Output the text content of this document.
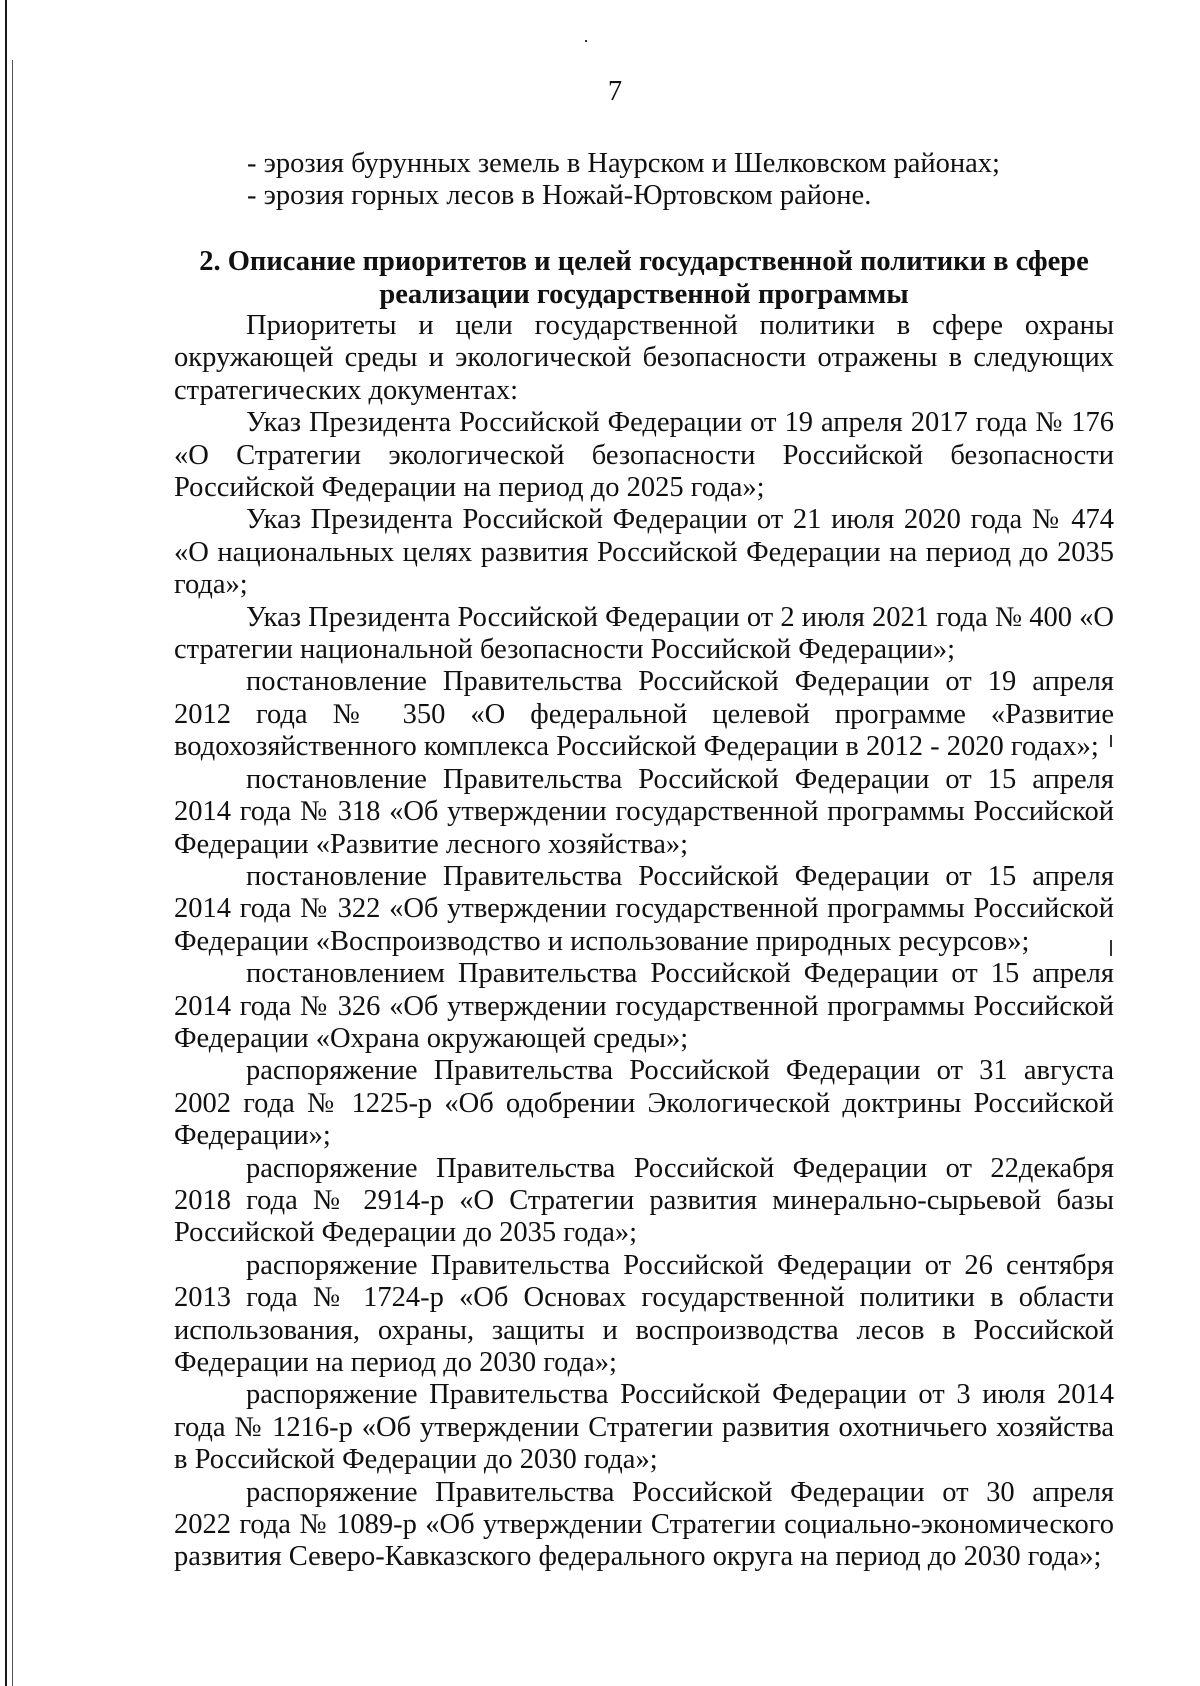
7

- эрозия бурунных земель в Наурском и Шелковском районах;

- эрозия горных лесов в Ножай-Юртовском районе.

2. Описание приоритетов и целей государственной политики в сфере
реализации государственной программы

Приоритеты и цели государственной политики в сфере охраны окружающей среды и экологической безопасности отражены в следующих стратегических документах:

Указ Президента Российской Федерации от 19 апреля 2017 года № 176 «О Стратегии экологической безопасности Российской безопасности Российской Федерации на период до 2025 года»;

Указ Президента Российской Федерации от 21 июля 2020 года № 474 «О национальных целях развития Российской Федерации на период до 2035 года»;

Указ Президента Российской Федерации от 2 июля 2021 года № 400 «О стратегии национальной безопасности Российской Федерации»;

постановление Правительства Российской Федерации от 19 апреля 2012 года № 350 «О федеральной целевой программе «Развитие водохозяйственного комплекса Российской Федерации в 2012 - 2020 годах»;

постановление Правительства Российской Федерации от 15 апреля 2014 года № 318 «Об утверждении государственной программы Российской Федерации «Развитие лесного хозяйства»;

постановление Правительства Российской Федерации от 15 апреля 2014 года № 322 «Об утверждении государственной программы Российской Федерации «Воспроизводство и использование природных ресурсов»;

постановлением Правительства Российской Федерации от 15 апреля 2014 года № 326 «Об утверждении государственной программы Российской Федерации «Охрана окружающей среды»;

распоряжение Правительства Российской Федерации от 31 августа 2002 года № 1225-р «Об одобрении Экологической доктрины Российской Федерации»;

распоряжение Правительства Российской Федерации от 22декабря 2018 года № 2914-р «О Стратегии развития минерально-сырьевой базы Российской Федерации до 2035 года»;

распоряжение Правительства Российской Федерации от 26 сентября 2013 года № 1724-р «Об Основах государственной политики в области использования, охраны, защиты и воспроизводства лесов в Российской Федерации на период до 2030 года»;

распоряжение Правительства Российской Федерации от 3 июля 2014 года № 1216-р «Об утверждении Стратегии развития охотничьего хозяйства в Российской Федерации до 2030 года»;

распоряжение Правительства Российской Федерации от 30 апреля 2022 года № 1089-р «Об утверждении Стратегии социально-экономического развития Северо-Кавказского федерального округа на период до 2030 года»;
